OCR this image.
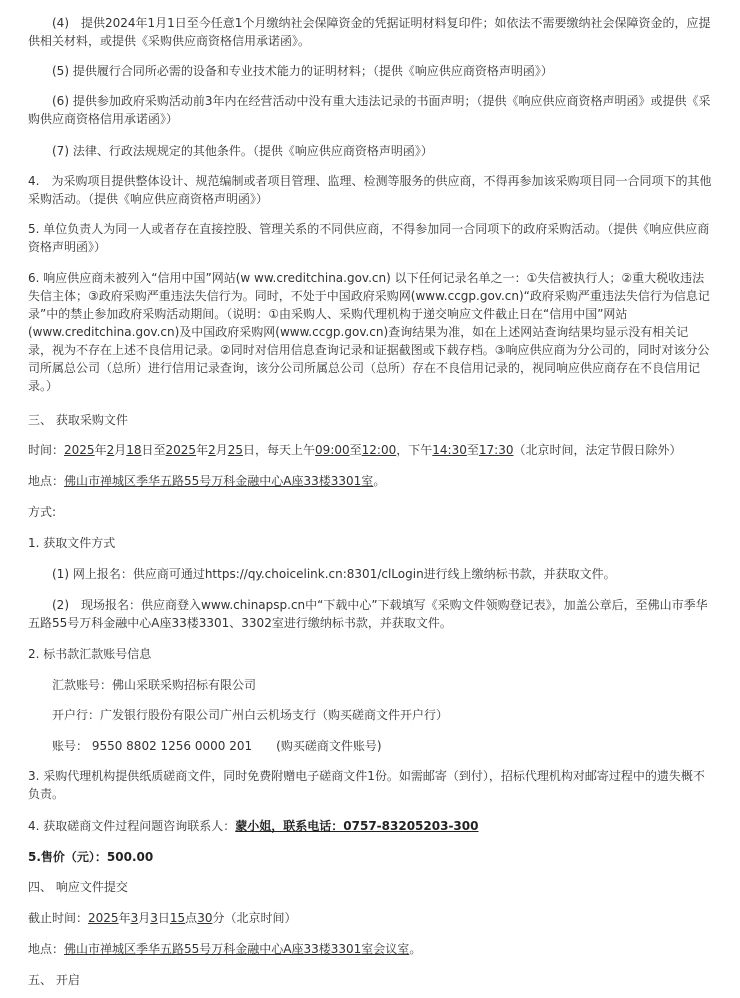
(4)　提供2024年1月1日至今任意1个月缴纳社会保障资金的凭据证明材料复印件；如依法不需要缴纳社会保障资金的，应提供相关材料，或提供《采购供应商资格信用承诺函》。
(5) 提供履行合同所必需的设备和专业技术能力的证明材料；（提供《响应供应商资格声明函》）
(6) 提供参加政府采购活动前3年内在经营活动中没有重大违法记录的书面声明；（提供《响应供应商资格声明函》或提供《采购供应商资格信用承诺函》）
(7) 法律、行政法规规定的其他条件。（提供《响应供应商资格声明函》）
4.　为采购项目提供整体设计、规范编制或者项目管理、监理、检测等服务的供应商，不得再参加该采购项目同一合同项下的其他采购活动。（提供《响应供应商资格声明函》）
5. 单位负责人为同一人或者存在直接控股、管理关系的不同供应商，不得参加同一合同项下的政府采购活动。（提供《响应供应商资格声明函》）
6. 响应供应商未被列入“信用中国”网站(w ww.creditchina.gov.cn) 以下任何记录名单之一：①失信被执行人；②重大税收违法失信主体；③政府采购严重违法失信行为。同时，不处于中国政府采购网(www.ccgp.gov.cn)“政府采购严重违法失信行为信息记录”中的禁止参加政府采购活动期间。（说明：①由采购人、采购代理机构于递交响应文件截止日在“信用中国”网站(www.creditchina.gov.cn)及中国政府采购网(www.ccgp.gov.cn)查询结果为准，如在上述网站查询结果均显示没有相关记录，视为不存在上述不良信用记录。②同时对信用信息查询记录和证据截图或下载存档。③响应供应商为分公司的，同时对该分公司所属总公司（总所）进行信用记录查询，该分公司所属总公司（总所）存在不良信用记录的，视同响应供应商存在不良信用记录。）
三、 获取采购文件
时间：2025年2月18日至2025年2月25日，每天上午09:00至12:00，下午14:30至17:30（北京时间，法定节假日除外）
地点：佛山市禅城区季华五路55号万科金融中心A座33楼3301室。
方式:
1. 获取文件方式
(1) 网上报名：供应商可通过https://qy.choicelink.cn:8301/clLogin进行线上缴纳标书款，并获取文件。
(2)　现场报名：供应商登入www.chinapsp.cn中“下载中心”下载填写《采购文件领购登记表》，加盖公章后，至佛山市季华五路55号万科金融中心A座33楼3301、3302室进行缴纳标书款，并获取文件。
2. 标书款汇款账号信息
汇款账号：佛山采联采购招标有限公司
开户行：广发银行股份有限公司广州白云机场支行（购买磋商文件开户行）
账号： 9550 8802 1256 0000 201　　(购买磋商文件账号)
3. 采购代理机构提供纸质磋商文件，同时免费附赠电子磋商文件1份。如需邮寄（到付），招标代理机构对邮寄过程中的遗失概不负责。
4. 获取磋商文件过程问题咨询联系人：蒙小姐，联系电话：0757-83205203-300
5.售价（元）：500.00
四、 响应文件提交
截止时间：2025年3月3日15点30分（北京时间）
地点：佛山市禅城区季华五路55号万科金融中心A座33楼3301室会议室。
五、 开启
